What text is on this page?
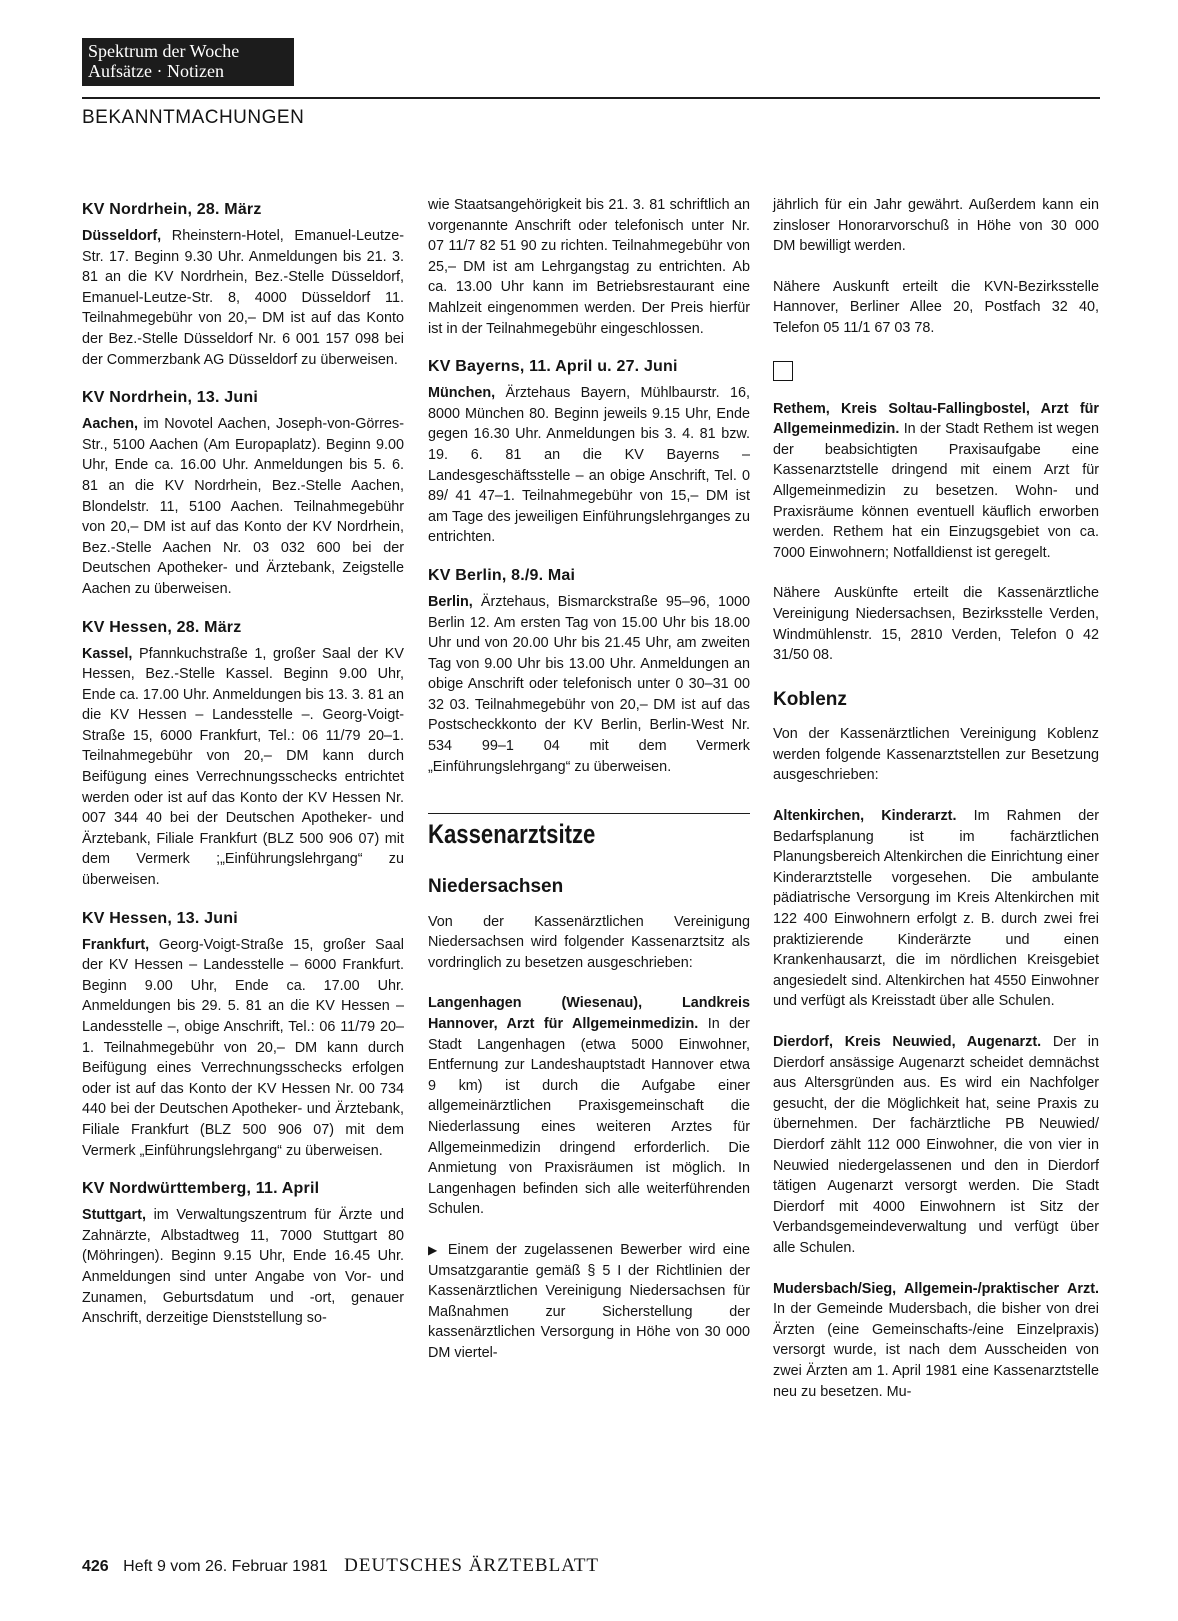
Spektrum der Woche
Aufsätze · Notizen
BEKANNTMACHUNGEN
KV Nordrhein, 28. März

Düsseldorf, Rheinstern-Hotel, Emanuel-Leutze-Str. 17. Beginn 9.30 Uhr. Anmeldungen bis 21. 3. 81 an die KV Nordrhein, Bez.-Stelle Düsseldorf, Emanuel-Leutze-Str. 8, 4000 Düsseldorf 11. Teilnahmegebühr von 20,– DM ist auf das Konto der Bez.-Stelle Düsseldorf Nr. 6 001 157 098 bei der Commerzbank AG Düsseldorf zu überweisen.

KV Nordrhein, 13. Juni

Aachen, im Novotel Aachen, Joseph-von-Görres-Str., 5100 Aachen (Am Europaplatz). Beginn 9.00 Uhr, Ende ca. 16.00 Uhr. Anmeldungen bis 5. 6. 81 an die KV Nordrhein, Bez.-Stelle Aachen, Blondelstr. 11, 5100 Aachen. Teilnahmegebühr von 20,– DM ist auf das Konto der KV Nordrhein, Bez.-Stelle Aachen Nr. 03 032 600 bei der Deutschen Apotheker- und Ärztebank, Zeigstelle Aachen zu überweisen.

KV Hessen, 28. März

Kassel, Pfannkuchstraße 1, großer Saal der KV Hessen, Bez.-Stelle Kassel. Beginn 9.00 Uhr, Ende ca. 17.00 Uhr. Anmeldungen bis 13. 3. 81 an die KV Hessen – Landesstelle –. Georg-Voigt-Straße 15, 6000 Frankfurt, Tel.: 06 11/79 20–1. Teilnahmegebühr von 20,– DM kann durch Beifügung eines Verrechnungsschecks entrichtet werden oder ist auf das Konto der KV Hessen Nr. 007 344 40 bei der Deutschen Apotheker- und Ärztebank, Filiale Frankfurt (BLZ 500 906 07) mit dem Vermerk ;„Einführungslehrgang“ zu überweisen.

KV Hessen, 13. Juni

Frankfurt, Georg-Voigt-Straße 15, großer Saal der KV Hessen – Landesstelle – 6000 Frankfurt. Beginn 9.00 Uhr, Ende ca. 17.00 Uhr. Anmeldungen bis 29. 5. 81 an die KV Hessen – Landesstelle –, obige Anschrift, Tel.: 06 11/79 20–1. Teilnahmegebühr von 20,– DM kann durch Beifügung eines Verrechnungsschecks erfolgen oder ist auf das Konto der KV Hessen Nr. 00 734 440 bei der Deutschen Apotheker- und Ärztebank, Filiale Frankfurt (BLZ 500 906 07) mit dem Vermerk „Einführungslehrgang“ zu überweisen.

KV Nordwürttemberg, 11. April

Stuttgart, im Verwaltungszentrum für Ärzte und Zahnärzte, Albstadtweg 11, 7000 Stuttgart 80 (Möhringen). Beginn 9.15 Uhr, Ende 16.45 Uhr. Anmeldungen sind unter Angabe von Vor- und Zunamen, Geburtsdatum und -ort, genauer Anschrift, derzeitige Dienststellung so-

wie Staatsangehörigkeit bis 21. 3. 81 schriftlich an vorgenannte Anschrift oder telefonisch unter Nr. 07 11/7 82 51 90 zu richten. Teilnahmegebühr von 25,– DM ist am Lehrgangstag zu entrichten. Ab ca. 13.00 Uhr kann im Betriebsrestaurant eine Mahlzeit eingenommen werden. Der Preis hierfür ist in der Teilnahmegebühr eingeschlossen.

KV Bayerns, 11. April u. 27. Juni

München, Ärztehaus Bayern, Mühlbaurstr. 16, 8000 München 80. Beginn jeweils 9.15 Uhr, Ende gegen 16.30 Uhr. Anmeldungen bis 3. 4. 81 bzw. 19. 6. 81 an die KV Bayerns – Landesgeschäftsstelle – an obige Anschrift, Tel. 0 89/ 41 47–1. Teilnahmegebühr von 15,– DM ist am Tage des jeweiligen Einführungslehrganges zu entrichten.

KV Berlin, 8./9. Mai

Berlin, Ärztehaus, Bismarckstraße 95–96, 1000 Berlin 12. Am ersten Tag von 15.00 Uhr bis 18.00 Uhr und von 20.00 Uhr bis 21.45 Uhr, am zweiten Tag von 9.00 Uhr bis 13.00 Uhr. Anmeldungen an obige Anschrift oder telefonisch unter 0 30–31 00 32 03. Teilnahmegebühr von 20,– DM ist auf das Postscheckkonto der KV Berlin, Berlin-West Nr. 534 99–1 04 mit dem Vermerk „Einführungslehrgang“ zu überweisen.

Kassenarztsitze
Niedersachsen

Von der Kassenärztlichen Vereinigung Niedersachsen wird folgender Kassenarztsitz als vordringlich zu besetzen ausgeschrieben:

Langenhagen (Wiesenau), Landkreis Hannover, Arzt für Allgemeinmedizin. In der Stadt Langenhagen (etwa 5000 Einwohner, Entfernung zur Landeshauptstadt Hannover etwa 9 km) ist durch die Aufgabe einer allgemeinärztlichen Praxisgemeinschaft die Niederlassung eines weiteren Arztes für Allgemeinmedizin dringend erforderlich. Die Anmietung von Praxisräumen ist möglich. In Langenhagen befinden sich alle weiterführenden Schulen.

▶ Einem der zugelassenen Bewerber wird eine Umsatzgarantie gemäß § 5 I der Richtlinien der Kassenärztlichen Vereinigung Niedersachsen für Maßnahmen zur Sicherstellung der kassenärztlichen Versorgung in Höhe von 30 000 DM viertel-

jährlich für ein Jahr gewährt. Außerdem kann ein zinsloser Honorarvorschuß in Höhe von 30 000 DM bewilligt werden.

Nähere Auskunft erteilt die KVN-Bezirksstelle Hannover, Berliner Allee 20, Postfach 32 40, Telefon 05 11/1 67 03 78.

Rethem, Kreis Soltau-Fallingbostel, Arzt für Allgemeinmedizin. In der Stadt Rethem ist wegen der beabsichtigten Praxisaufgabe eine Kassenarztstelle dringend mit einem Arzt für Allgemeinmedizin zu besetzen. Wohn- und Praxisräume können eventuell käuflich erworben werden. Rethem hat ein Einzugsgebiet von ca. 7000 Einwohnern; Notfalldienst ist geregelt.

Nähere Auskünfte erteilt die Kassenärztliche Vereinigung Niedersachsen, Bezirksstelle Verden, Windmühlenstr. 15, 2810 Verden, Telefon 0 42 31/50 08.

Koblenz

Von der Kassenärztlichen Vereinigung Koblenz werden folgende Kassenarztstellen zur Besetzung ausgeschrieben:

Altenkirchen, Kinderarzt. Im Rahmen der Bedarfsplanung ist im fachärztlichen Planungsbereich Altenkirchen die Einrichtung einer Kinderarztstelle vorgesehen. Die ambulante pädiatrische Versorgung im Kreis Altenkirchen mit 122 400 Einwohnern erfolgt z. B. durch zwei frei praktizierende Kinderärzte und einen Krankenhausarzt, die im nördlichen Kreisgebiet angesiedelt sind. Altenkirchen hat 4550 Einwohner und verfügt als Kreisstadt über alle Schulen.

Dierdorf, Kreis Neuwied, Augenarzt. Der in Dierdorf ansässige Augenarzt scheidet demnächst aus Altersgründen aus. Es wird ein Nachfolger gesucht, der die Möglichkeit hat, seine Praxis zu übernehmen. Der fachärztliche PB Neuwied/ Dierdorf zählt 112 000 Einwohner, die von vier in Neuwied niedergelassenen und den in Dierdorf tätigen Augenarzt versorgt werden. Die Stadt Dierdorf mit 4000 Einwohnern ist Sitz der Verbandsgemeindeverwaltung und verfügt über alle Schulen.

Mudersbach/Sieg, Allgemein-/praktischer Arzt. In der Gemeinde Mudersbach, die bisher von drei Ärzten (eine Gemeinschafts-/eine Einzelpraxis) versorgt wurde, ist nach dem Ausscheiden von zwei Ärzten am 1. April 1981 eine Kassenarztstelle neu zu besetzen. Mu-

426 Heft 9 vom 26. Februar 1981 DEUTSCHES ÄRZTEBLATT
